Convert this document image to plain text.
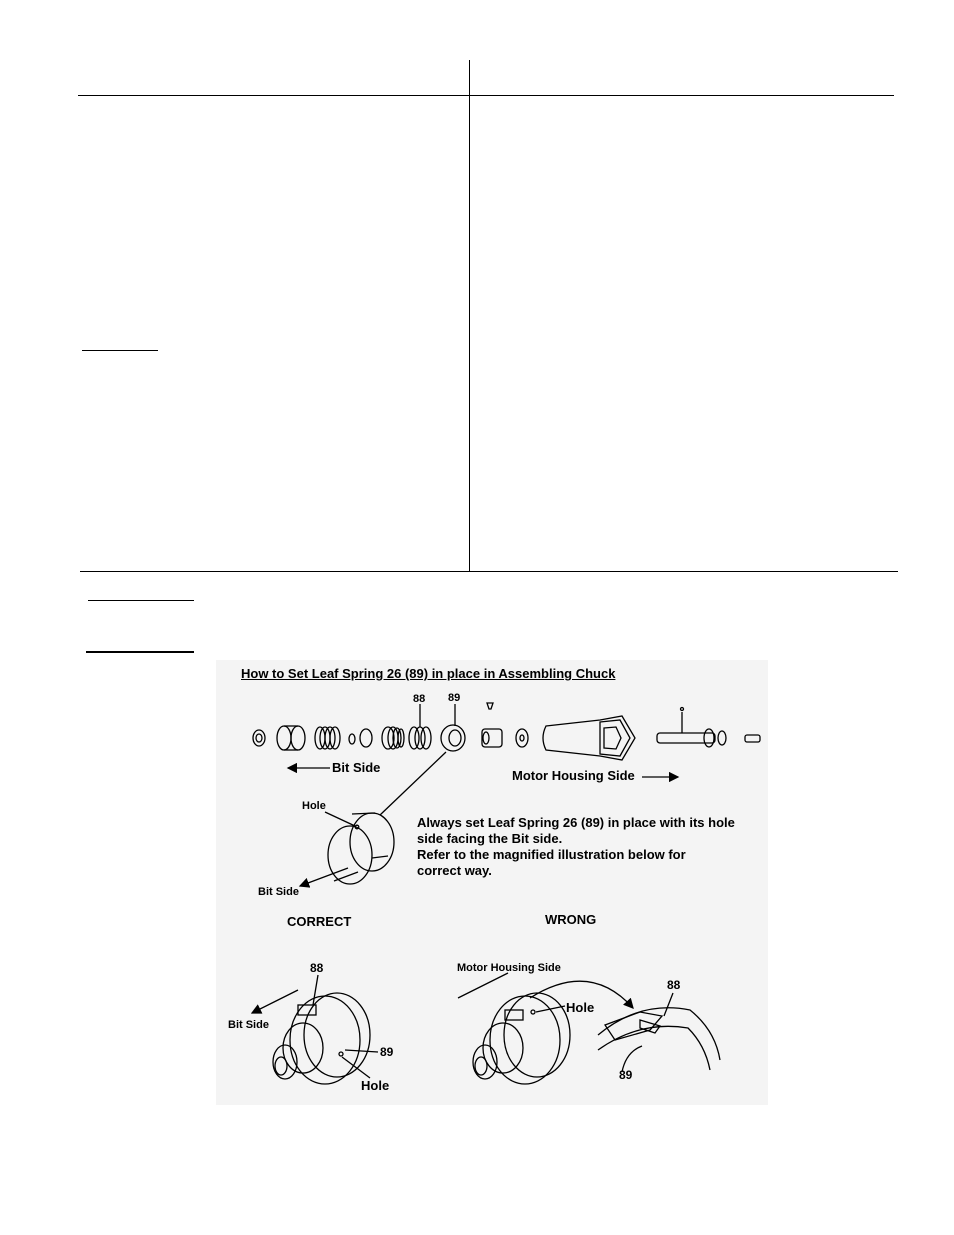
How to Set Leaf Spring 26 (89) in place in Assembling Chuck
88 89
Bit Side
Motor Housing Side
Hole
Bit Side
Always set Leaf Spring 26 (89) in place with its hole
side facing the Bit side.
Refer to the magnified illustration below for
correct way.
CORRECT	WRONG
88
89
Bit Side
Hole
Motor Housing Side
Hole
88
89
